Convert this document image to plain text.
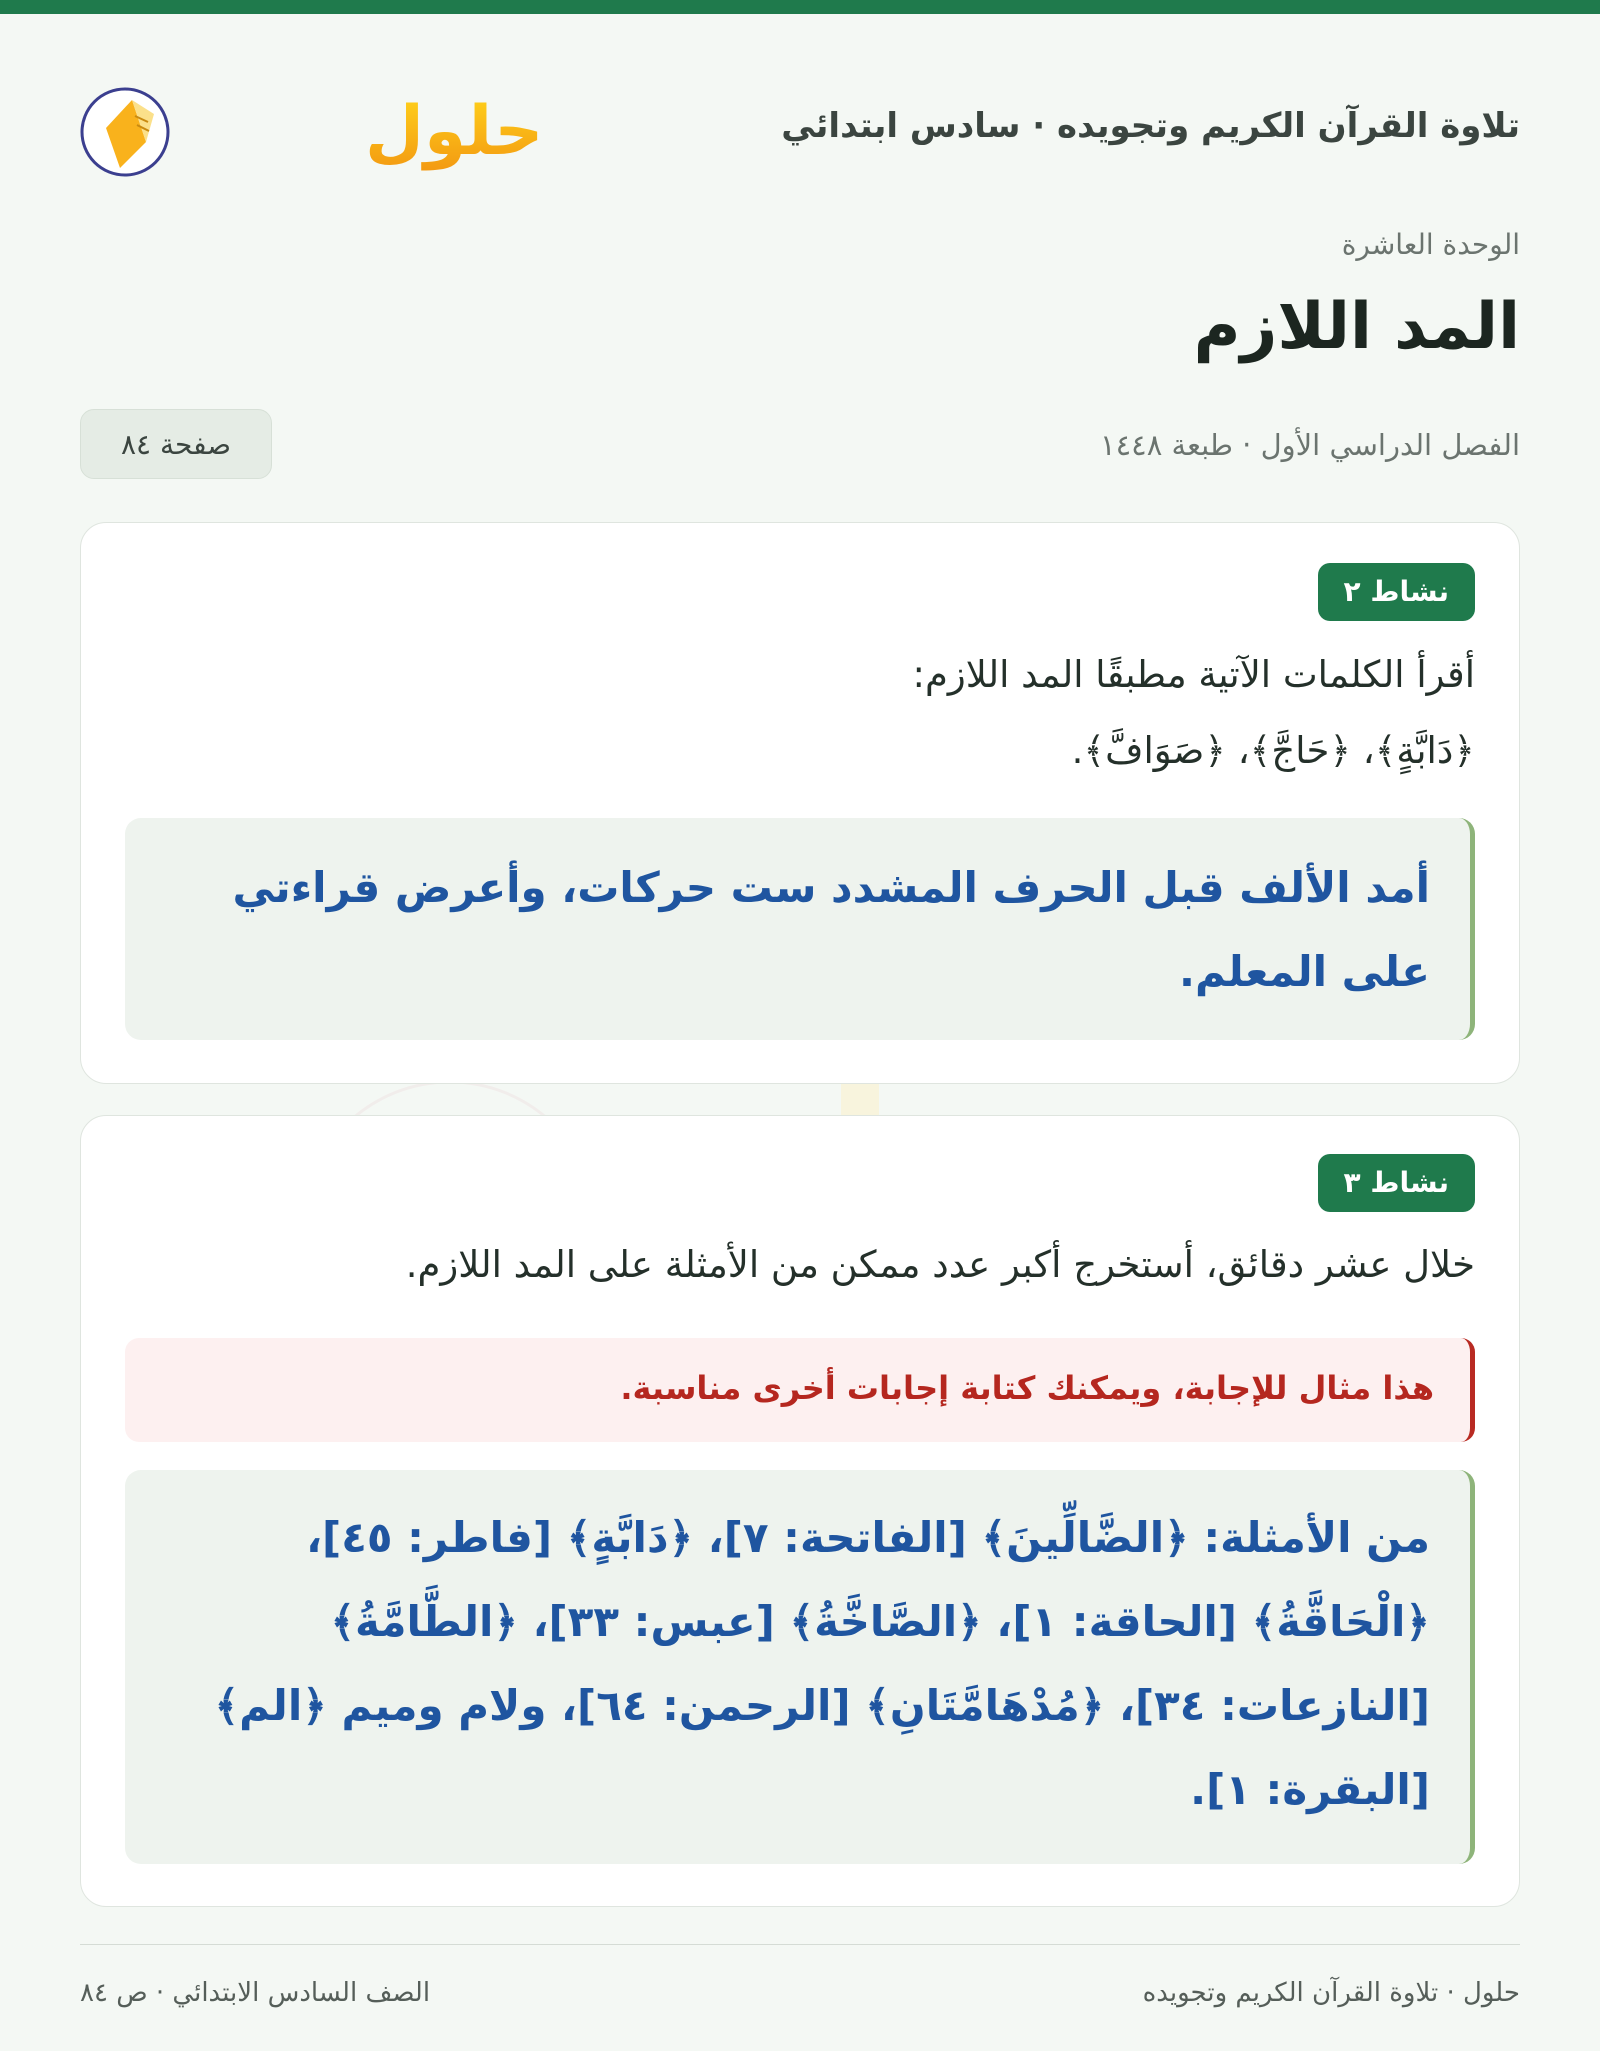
تلاوة القرآن الكريم وتجويده · سادس ابتدائي
حلول
الوحدة العاشرة
المد اللازم
الفصل الدراسي الأول · طبعة ١٤٤٨
صفحة ٨٤
نشاط ٢
أقرأ الكلمات الآتية مطبقًا المد اللازم:
﴿دَابَّةٍ﴾، ﴿حَاجَّ﴾، ﴿صَوَافَّ﴾.
أمد الألف قبل الحرف المشدد ست حركات، وأعرض قراءتي على المعلم.
نشاط ٣
خلال عشر دقائق، أستخرج أكبر عدد ممكن من الأمثلة على المد اللازم.
هذا مثال للإجابة، ويمكنك كتابة إجابات أخرى مناسبة.
من الأمثلة: ﴿الضَّالِّينَ﴾ [الفاتحة: ٧]، ﴿دَابَّةٍ﴾ [فاطر: ٤٥]، ﴿الْحَاقَّةُ﴾ [الحاقة: ١]، ﴿الصَّاخَّةُ﴾ [عبس: ٣٣]، ﴿الطَّامَّةُ﴾ [النازعات: ٣٤]، ﴿مُدْهَامَّتَانِ﴾ [الرحمن: ٦٤]، ولام وميم ﴿الم﴾ [البقرة: ١].
حلول · تلاوة القرآن الكريم وتجويده
الصف السادس الابتدائي · ص ٨٤
